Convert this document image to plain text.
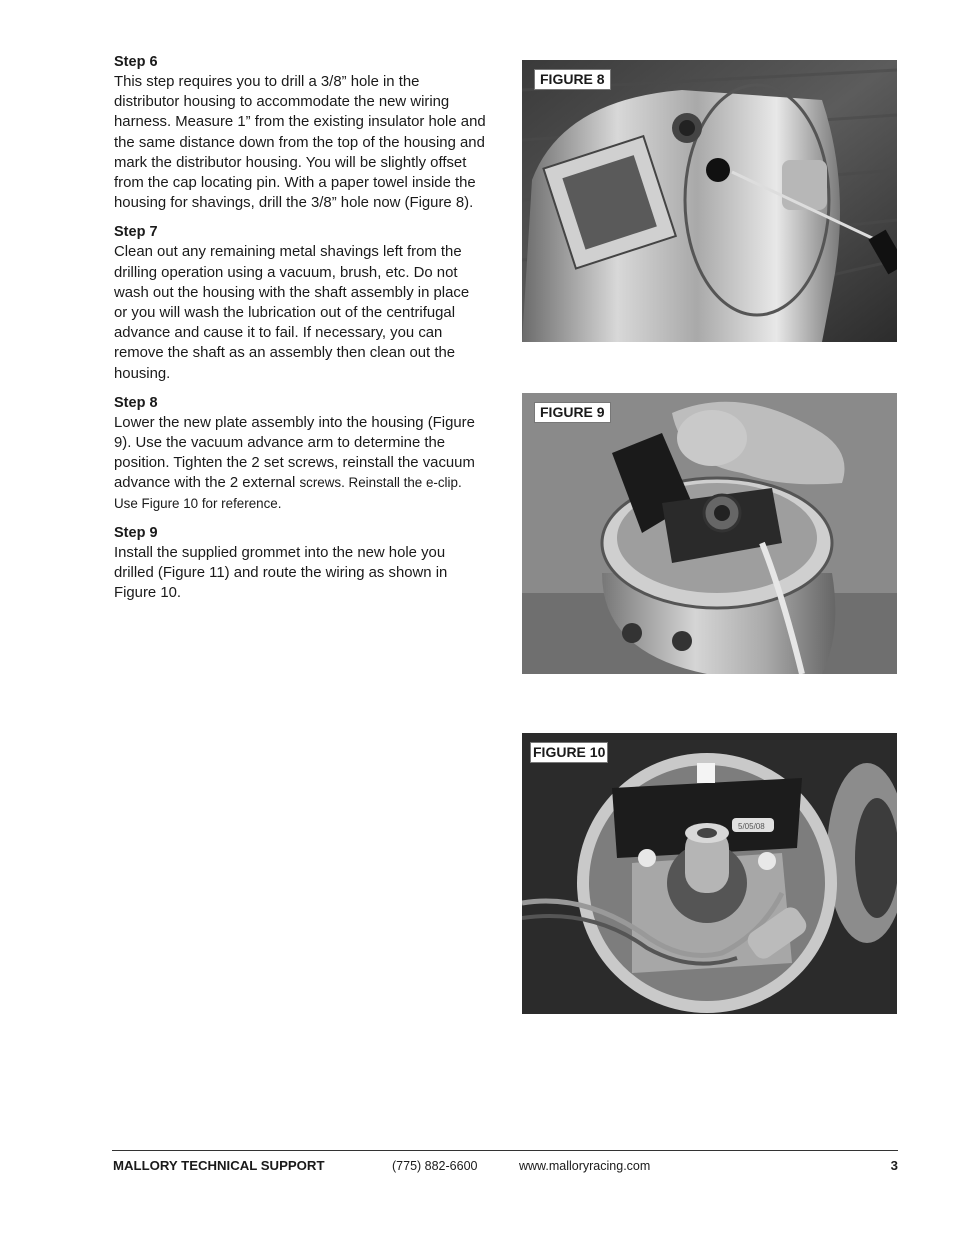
Step 6
This step requires you to drill a 3/8” hole in the distributor housing to accommodate the new wiring harness. Measure 1” from the existing insulator hole and the same distance down from the top of the housing and mark the distributor housing. You will be slightly offset from the cap locating pin. With a paper towel inside the housing for shavings, drill the 3/8” hole now (Figure 8).
Step 7
Clean out any remaining metal shavings left from the drilling operation using a vacuum, brush, etc. Do not wash out the housing with the shaft assembly in place or you will wash the lubrication out of the centrifugal advance and cause it to fail. If necessary, you can remove the shaft as an assembly then clean out the housing.
Step 8
Lower the new plate assembly into the housing (Figure 9). Use the vacuum advance arm to determine the position. Tighten the 2 set screws, reinstall the vacuum advance with the 2 external screws. Reinstall the e-clip. Use Figure 10 for reference.
Step 9
Install the supplied grommet into the new hole you drilled (Figure 11) and route the wiring as shown in Figure 10.
FIGURE 8
FIGURE 9
5/05/08
FIGURE 10
MALLORY TECHNICAL SUPPORT	(775) 882-6600	www.malloryracing.com	3
